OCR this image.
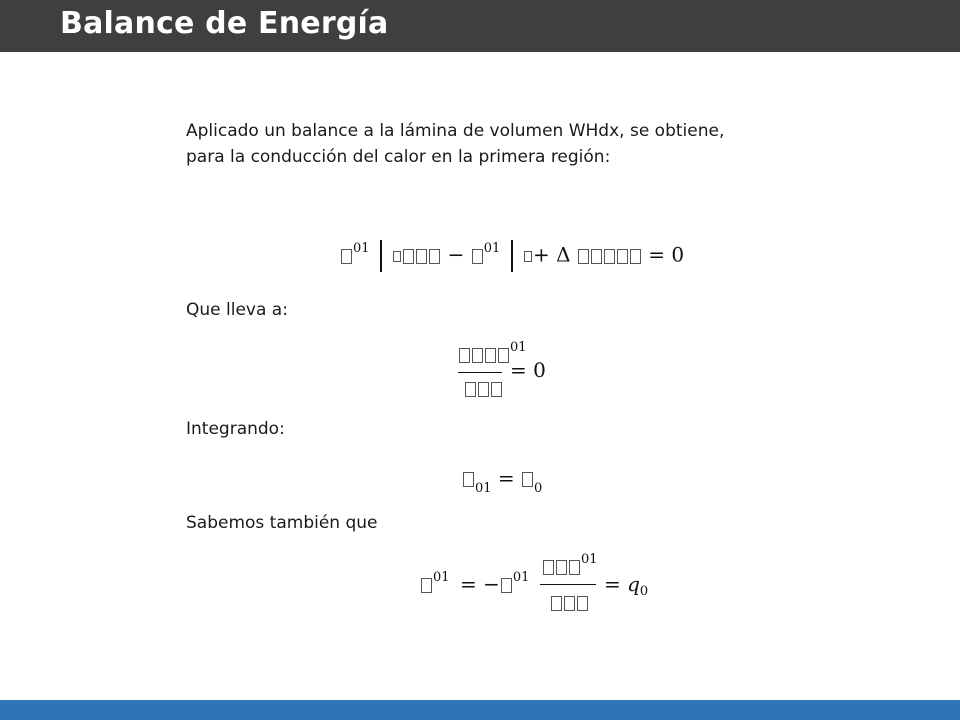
Balance de Energía

Aplicado un balance a la lámina de volumen WHdx, se obtiene,
para la conducción del calor en la primera región:

$^{01}$	− $^{01}$ + Δ	= 0

Que lleva a:

$^{01}$
= 0

Integrando:

$_{01}$ = $_0$

Sabemos también que

$^{01}$ = − $^{01}$
$^{01}$
= $q_0$
